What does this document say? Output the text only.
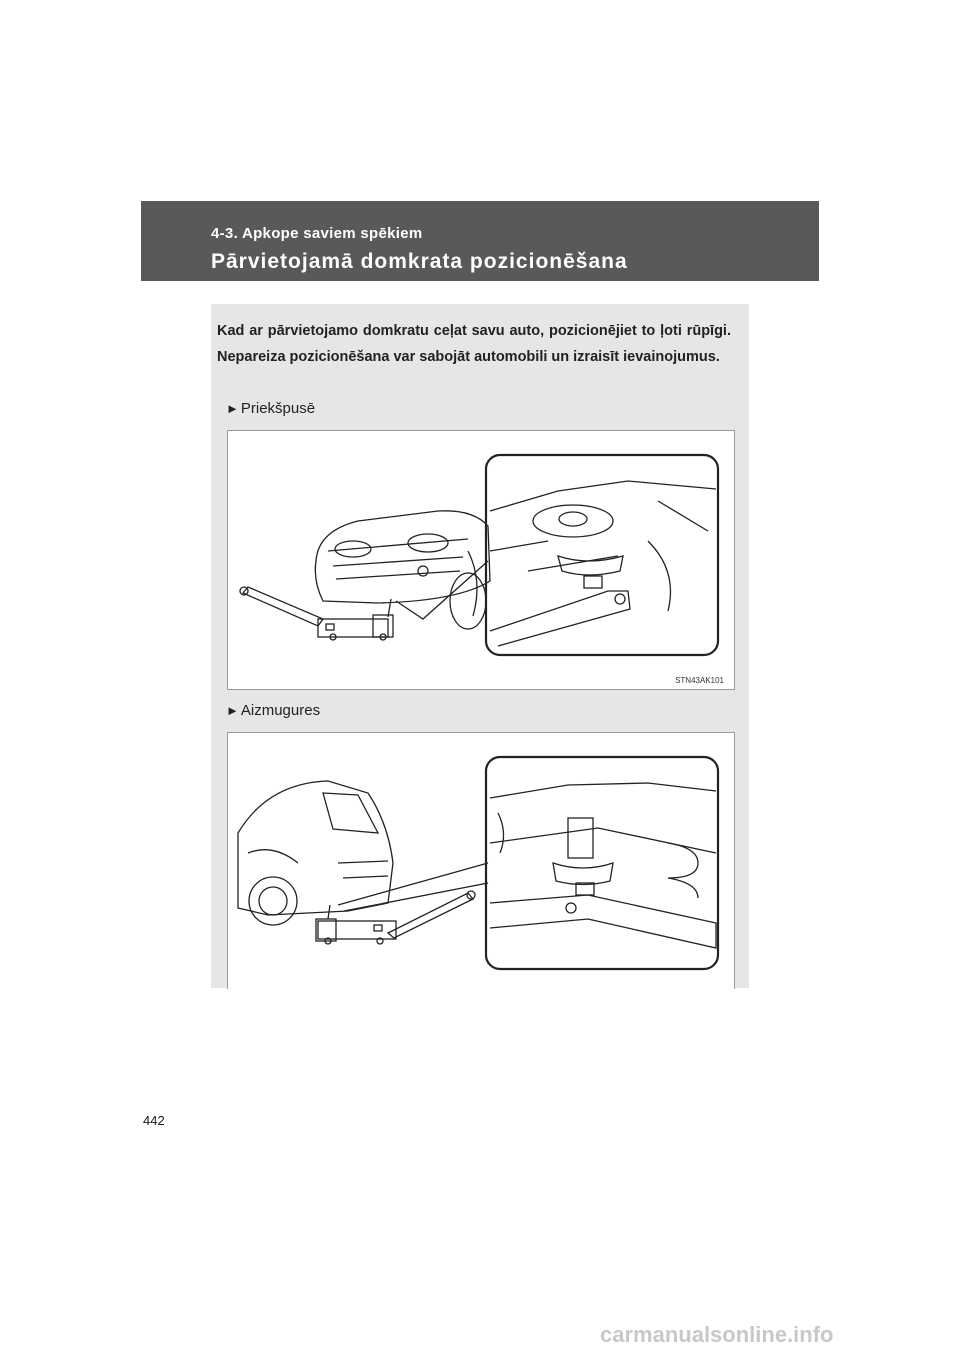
4-3. Apkope saviem spēkiem
Pārvietojamā domkrata pozicionēšana
Kad ar pārvietojamo domkratu ceļat savu auto, pozicionējiet to ļoti rūpīgi. Nepareiza pozicionēšana var sabojāt automobili un izraisīt ievainojumus.
► Priekšpusē
STN43AK101
► Aizmugures
442
carmanualsonline.info
